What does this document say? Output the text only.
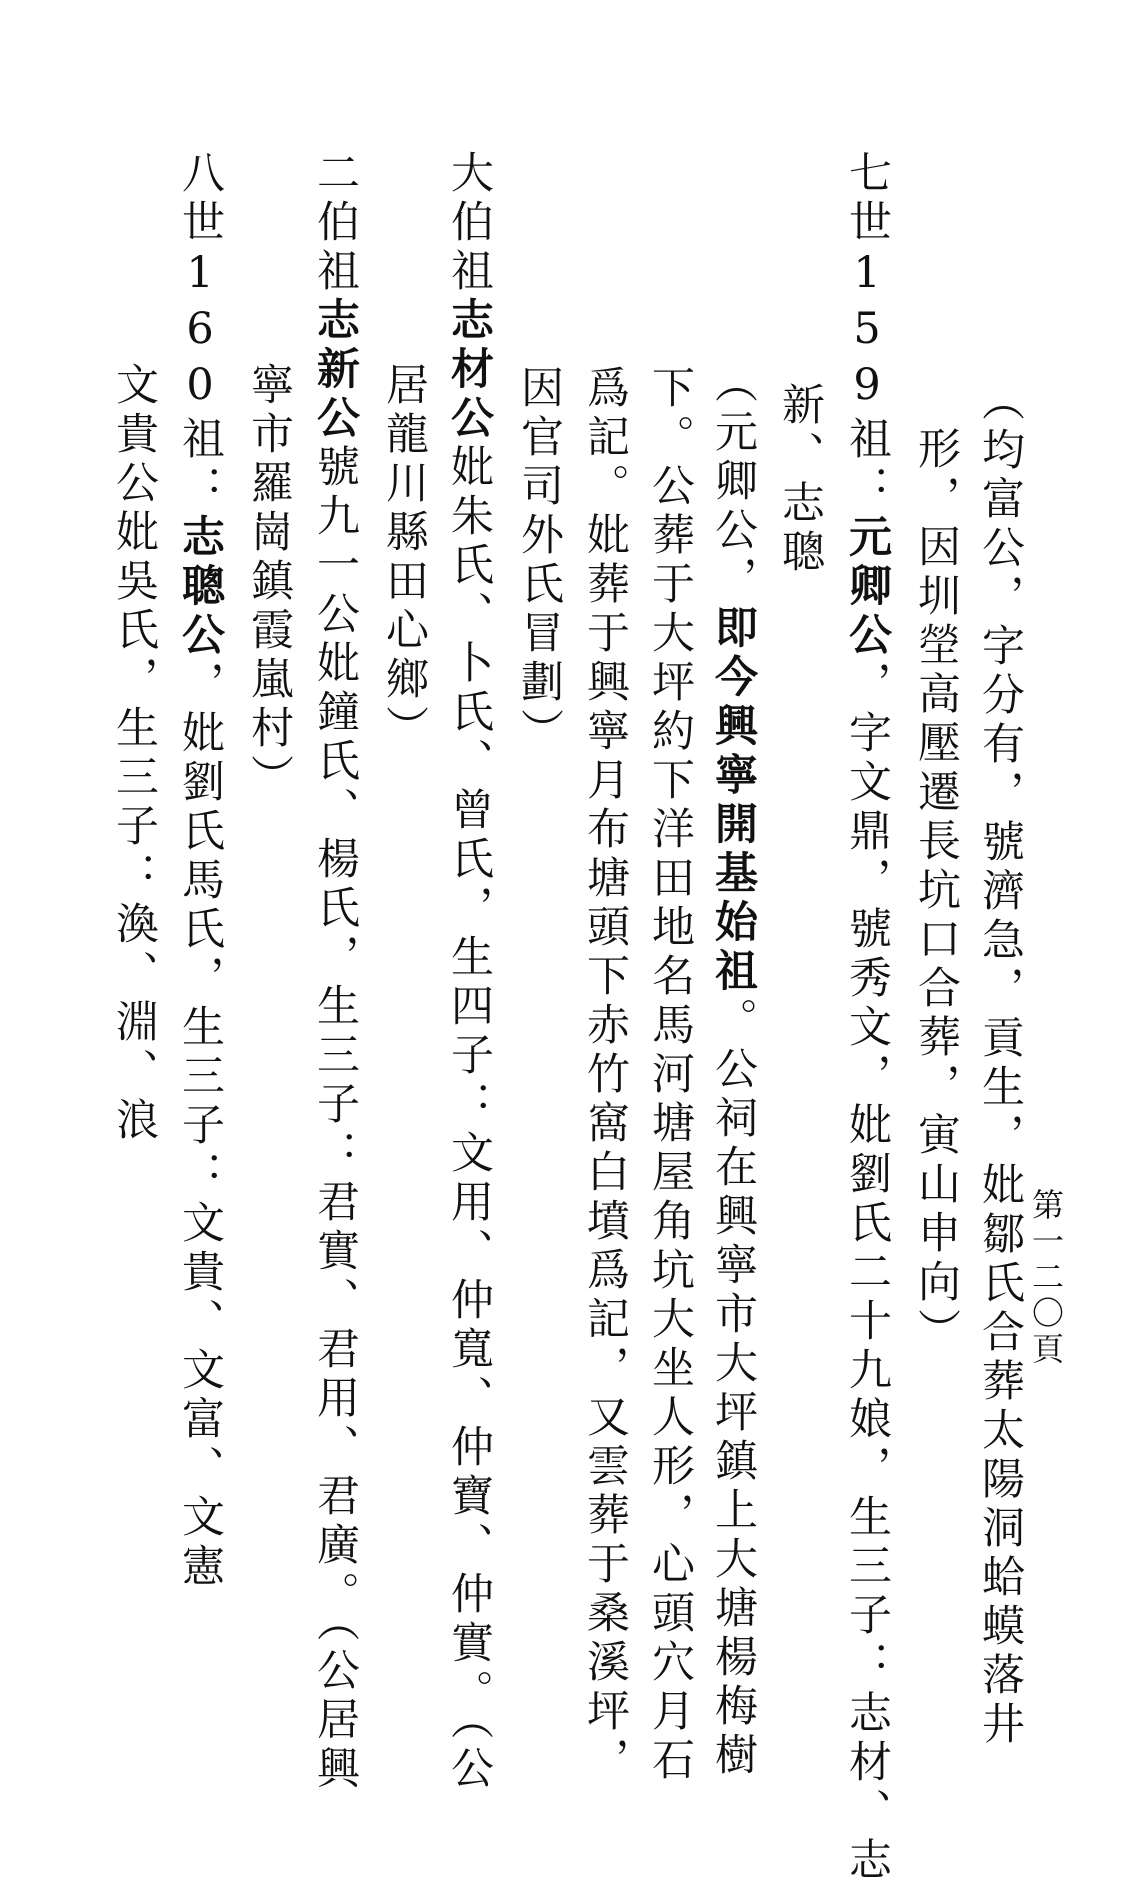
第一二〇頁
（均富公，字分有，號濟急，貢生，妣鄒氏合葬太陽洞蛤蟆落井
形，因圳塋高壓遷長坑口合葬，寅山申向）
七世159祖：元卿公，字文鼎，號秀文，妣劉氏二十九娘，生三子：志材、志
新、志聰
（元卿公，即今興寧開基始祖。公祠在興寧市大坪鎮上大塘楊梅樹
下。公葬于大坪約下洋田地名馬河塘屋角坑大坐人形，心頭穴月石
爲記。妣葬于興寧月布塘頭下赤竹窩白墳爲記，又雲葬于桑溪坪，
因官司外氏冒劃）
大伯祖志材公妣朱氏、卜氏、曾氏，生四子：文用、仲寬、仲寶、仲實。（公
居龍川縣田心鄉）
二伯祖志新公號九一公妣鐘氏、楊氏，生三子：君實、君用、君廣。（公居興
寧市羅崗鎮霞嵐村）
八世160祖：志聰公，妣劉氏馬氏，生三子：文貴、文富、文憲
文貴公妣吳氏，生三子：渙、淵、浪
